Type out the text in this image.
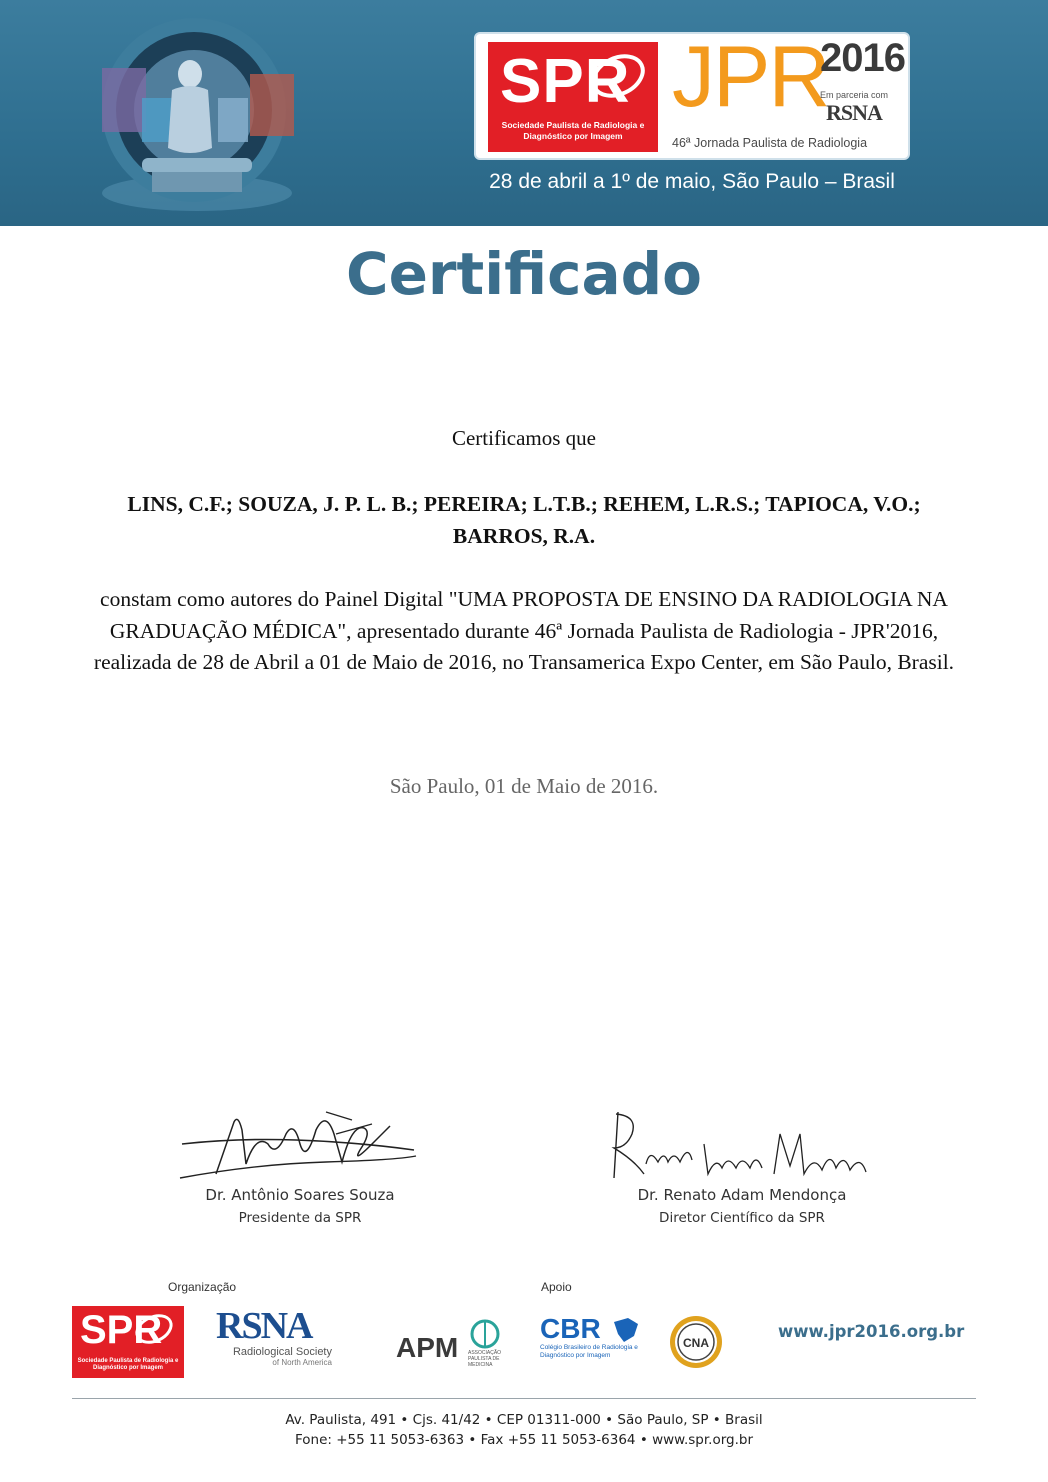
SPR
Sociedade Paulista de Radiologia e Diagnóstico por Imagem
JPR
2016
Em parceria com
RSNA
46ª Jornada Paulista de Radiologia
28 de abril a 1º de maio, São Paulo – Brasil
Certificado
Certificamos que
LINS, C.F.; SOUZA, J. P. L. B.; PEREIRA; L.T.B.; REHEM, L.R.S.; TAPIOCA, V.O.; BARROS, R.A.
constam como autores do Painel Digital "UMA PROPOSTA DE ENSINO DA RADIOLOGIA NA GRADUAÇÃO MÉDICA", apresentado durante 46ª Jornada Paulista de Radiologia - JPR'2016, realizada de 28 de Abril a 01 de Maio de 2016, no Transamerica Expo Center, em São Paulo, Brasil.
São Paulo, 01 de Maio de 2016.
Dr. Antônio Soares Souza
Presidente da SPR
Dr. Renato Adam Mendonça
Diretor Científico da SPR
Organização	Apoio
SPR
Sociedade Paulista de Radiologia e Diagnóstico por Imagem
RSNA
Radiological Society
of North America APM ASSOCIAÇÃO PAULISTA DE MEDICINA
CBR
Colégio Brasileiro de Radiologia e Diagnóstico por Imagem
CNA
www.jpr2016.org.br
Av. Paulista, 491 • Cjs. 41/42 • CEP 01311-000 • São Paulo, SP • Brasil
Fone: +55 11 5053-6363 • Fax +55 11 5053-6364 • www.spr.org.br
